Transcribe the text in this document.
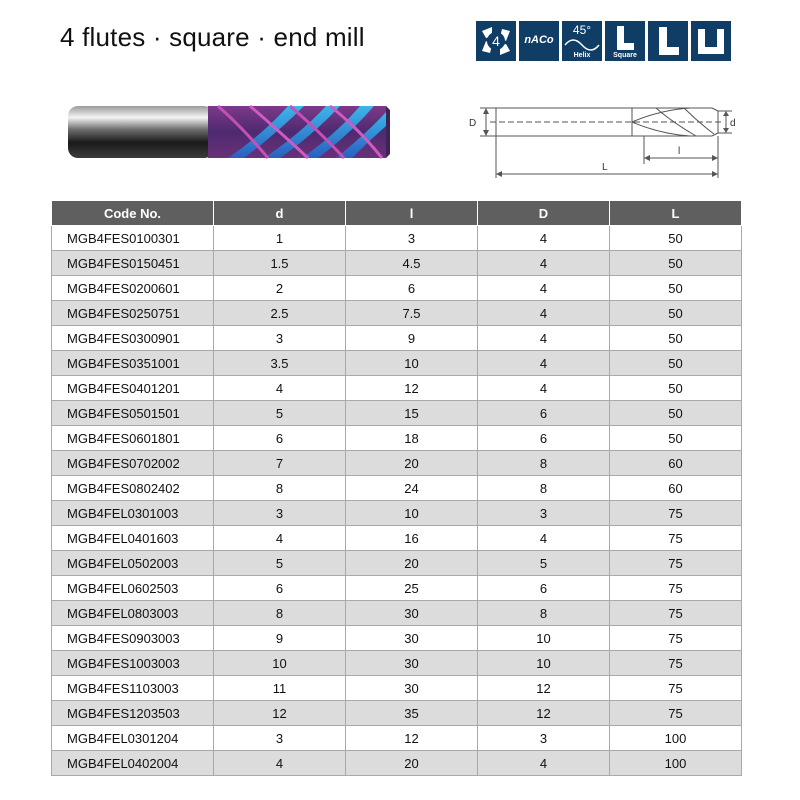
4 flutes · square · end mill	4	nACo
45°
Helix	Square
D	d
l
L
Code No.	d	l	D	L
MGB4FES0100301	1	3	4	50
MGB4FES0150451	1.5	4.5	4	50
MGB4FES0200601	2	6	4	50
MGB4FES0250751	2.5	7.5	4	50
MGB4FES0300901	3	9	4	50
MGB4FES0351001	3.5	10	4	50
MGB4FES0401201	4	12	4	50
MGB4FES0501501	5	15	6	50
MGB4FES0601801	6	18	6	50
MGB4FES0702002	7	20	8	60
MGB4FES0802402	8	24	8	60
MGB4FEL0301003	3	10	3	75
MGB4FEL0401603	4	16	4	75
MGB4FEL0502003	5	20	5	75
MGB4FEL0602503	6	25	6	75
MGB4FEL0803003	8	30	8	75
MGB4FES0903003	9	30	10	75
MGB4FES1003003	10	30	10	75
MGB4FES1103003	11	30	12	75
MGB4FES1203503	12	35	12	75
MGB4FEL0301204	3	12	3	100
MGB4FEL0402004	4	20	4	100
